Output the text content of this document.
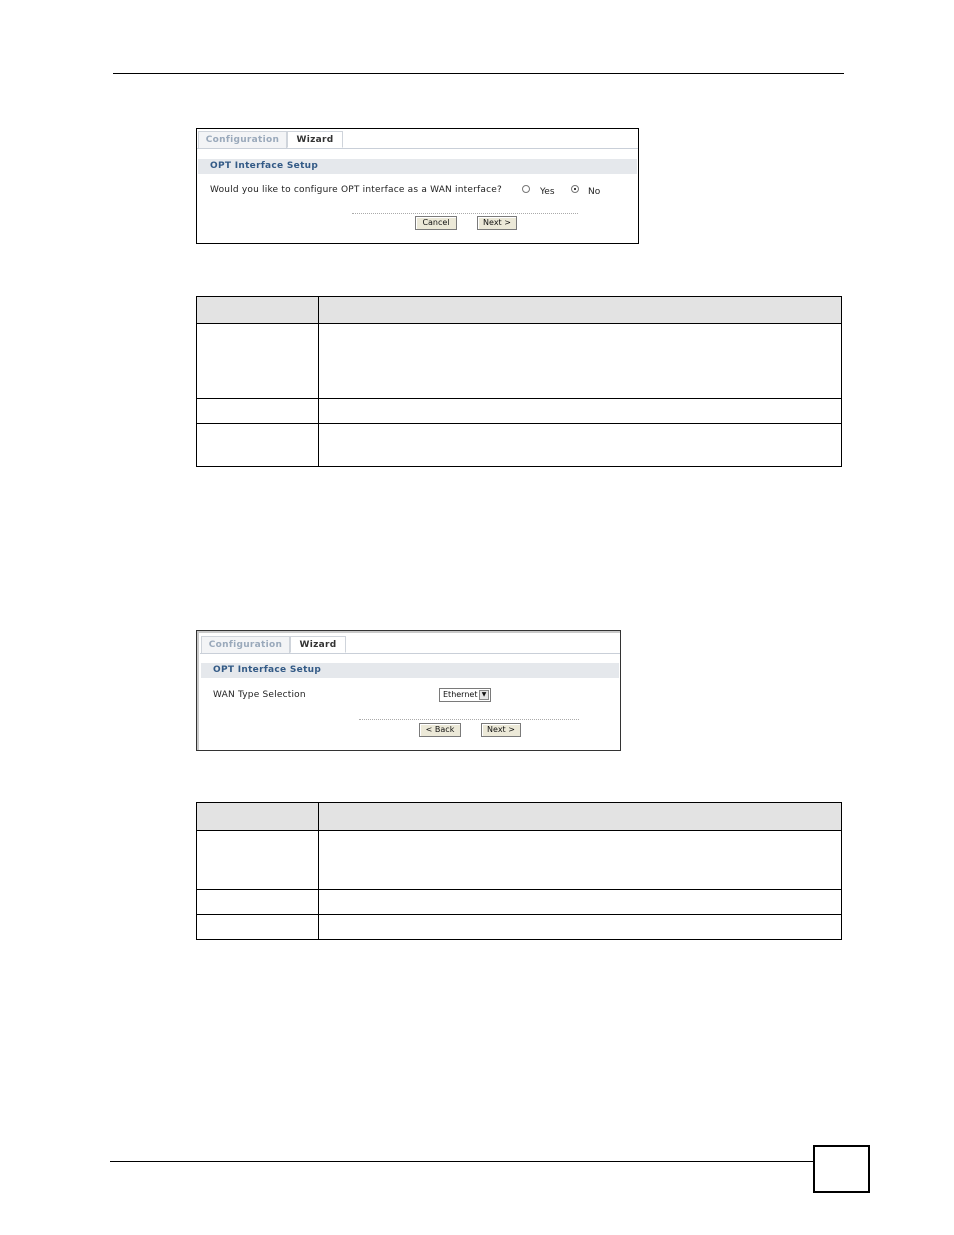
Configuration	Wizard
OPT Interface Setup
Would you like to configure OPT interface as a WAN interface?	Yes	No
Cancel	Next >

Configuration	Wizard
OPT Interface Setup
WAN Type Selection	Ethernet ▼
< Back	Next >
